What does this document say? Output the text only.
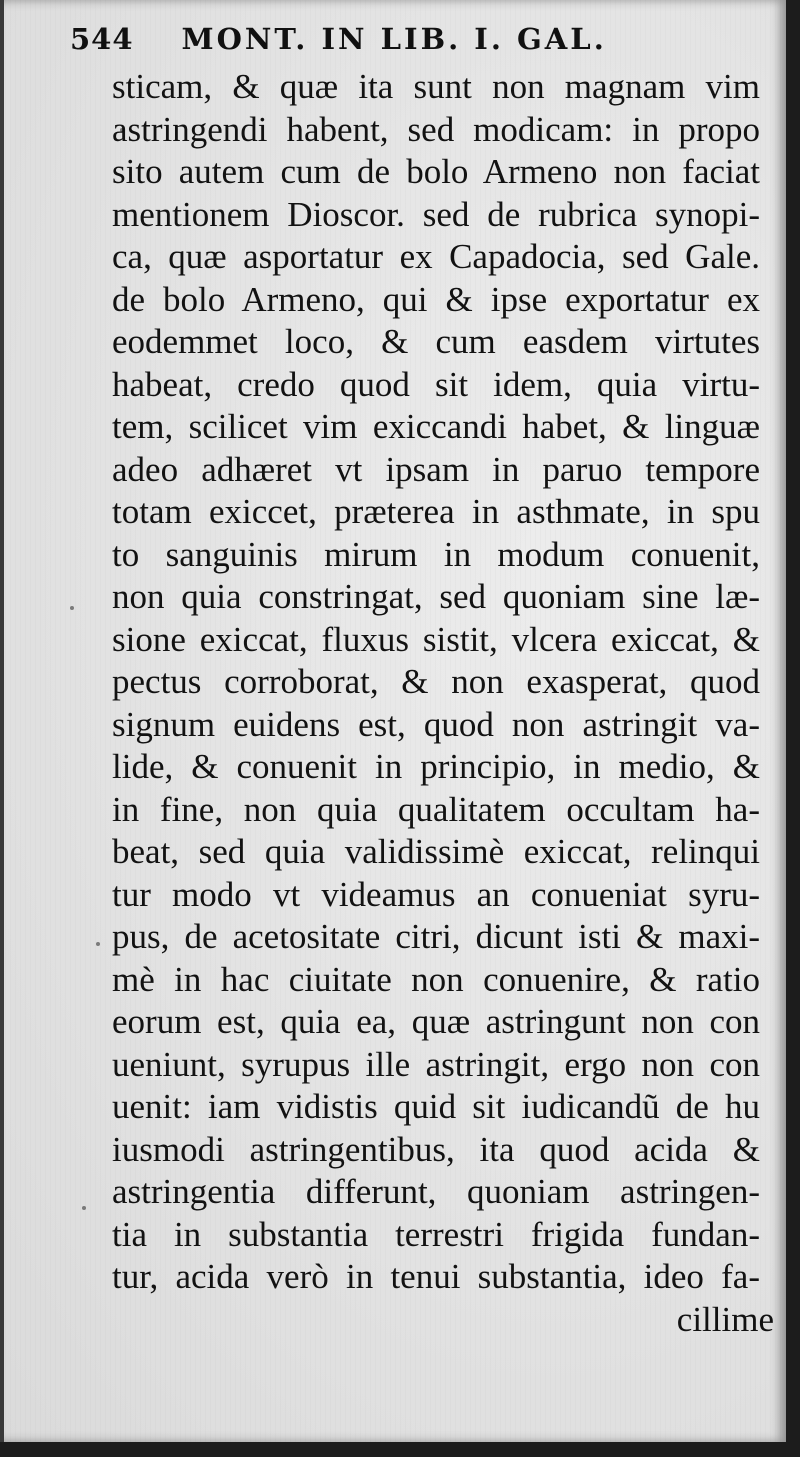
544 MONT. IN LIB. I. GAL.
sticam, & quæ ita sunt non magnam vim
astringendi habent, sed modicam: in propo
sito autem cum de bolo Armeno non faciat
mentionem Dioscor. sed de rubrica synopi-
ca, quæ asportatur ex Capadocia, sed Gale.
de bolo Armeno, qui & ipse exportatur ex
eodemmet loco, & cum easdem virtutes
habeat, credo quod sit idem, quia virtu-
tem, scilicet vim exiccandi habet, & linguæ
adeo adhæret vt ipsam in paruo tempore
totam exiccet, præterea in asthmate, in spu
to sanguinis mirum in modum conuenit,
non quia constringat, sed quoniam sine læ-
sione exiccat, fluxus sistit, vlcera exiccat, &
pectus corroborat, & non exasperat, quod
signum euidens est, quod non astringit va-
lide, & conuenit in principio, in medio, &
in fine, non quia qualitatem occultam ha-
beat, sed quia validissimè exiccat, relinqui
tur modo vt videamus an conueniat syru-
pus, de acetositate citri, dicunt isti & maxi-
mè in hac ciuitate non conuenire, & ratio
eorum est, quia ea, quæ astringunt non con
ueniunt, syrupus ille astringit, ergo non con
uenit: iam vidistis quid sit iudicandũ de hu
iusmodi astringentibus, ita quod acida &
astringentia differunt, quoniam astringen-
tia in substantia terrestri frigida fundan-
tur, acida verò in tenui substantia, ideo fa-
cillime
